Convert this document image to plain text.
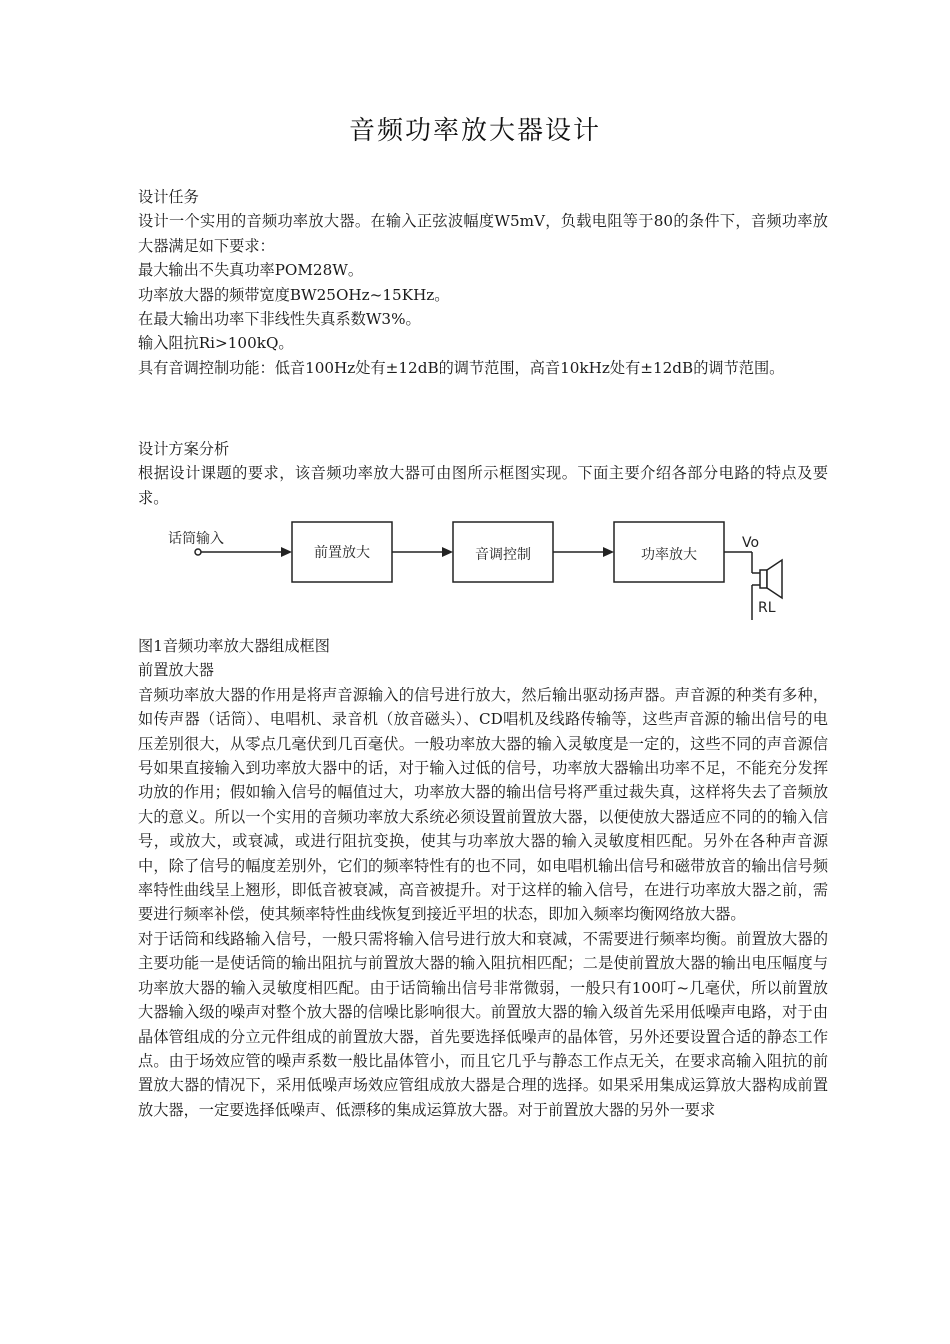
音频功率放大器设计

设计任务

设计一个实用的音频功率放大器。在输入正弦波幅度W5mV，负载电阻等于80的条件下，音频功率放大器满足如下要求：

最大输出不失真功率POM28W。

功率放大器的频带宽度BW25OHz~15KHz。

在最大输出功率下非线性失真系数W3%。

输入阻抗Ri>100kQ。

具有音调控制功能：低音100Hz处有±12dB的调节范围，高音10kHz处有±12dB的调节范围。

设计方案分析

根据设计课题的要求，该音频功率放大器可由图所示框图实现。下面主要介绍各部分电路的特点及要求。

话筒输入
前置放大	音调控制	功率放大
Vo
RL

图1音频功率放大器组成框图

前置放大器

音频功率放大器的作用是将声音源输入的信号进行放大，然后输出驱动扬声器。声音源的种类有多种，如传声器（话筒）、电唱机、录音机（放音磁头）、CD唱机及线路传输等，这些声音源的输出信号的电压差别很大，从零点几毫伏到几百毫伏。一般功率放大器的输入灵敏度是一定的，这些不同的声音源信号如果直接输入到功率放大器中的话，对于输入过低的信号，功率放大器输出功率不足，不能充分发挥功放的作用；假如输入信号的幅值过大，功率放大器的输出信号将严重过裁失真，这样将失去了音频放大的意义。所以一个实用的音频功率放大系统必须设置前置放大器，以便使放大器适应不同的的输入信号，或放大，或衰减，或进行阻抗变换，使其与功率放大器的输入灵敏度相匹配。另外在各种声音源中，除了信号的幅度差别外，它们的频率特性有的也不同，如电唱机输出信号和磁带放音的输出信号频率特性曲线呈上翘形，即低音被衰减，高音被提升。对于这样的输入信号，在进行功率放大器之前，需要进行频率补偿，使其频率特性曲线恢复到接近平坦的状态，即加入频率均衡网络放大器。

对于话筒和线路输入信号，一般只需将输入信号进行放大和衰减，不需要进行频率均衡。前置放大器的主要功能一是使话筒的输出阻抗与前置放大器的输入阻抗相匹配；二是使前置放大器的输出电压幅度与功率放大器的输入灵敏度相匹配。由于话筒输出信号非常微弱，一般只有100叮~几毫伏，所以前置放大器输入级的噪声对整个放大器的信噪比影响很大。前置放大器的输入级首先采用低噪声电路，对于由晶体管组成的分立元件组成的前置放大器，首先要选择低噪声的晶体管，另外还要设置合适的静态工作点。由于场效应管的噪声系数一般比晶体管小，而且它几乎与静态工作点无关，在要求高输入阻抗的前置放大器的情况下，采用低噪声场效应管组成放大器是合理的选择。如果采用集成运算放大器构成前置放大器，一定要选择低噪声、低漂移的集成运算放大器。对于前置放大器的另外一要求
